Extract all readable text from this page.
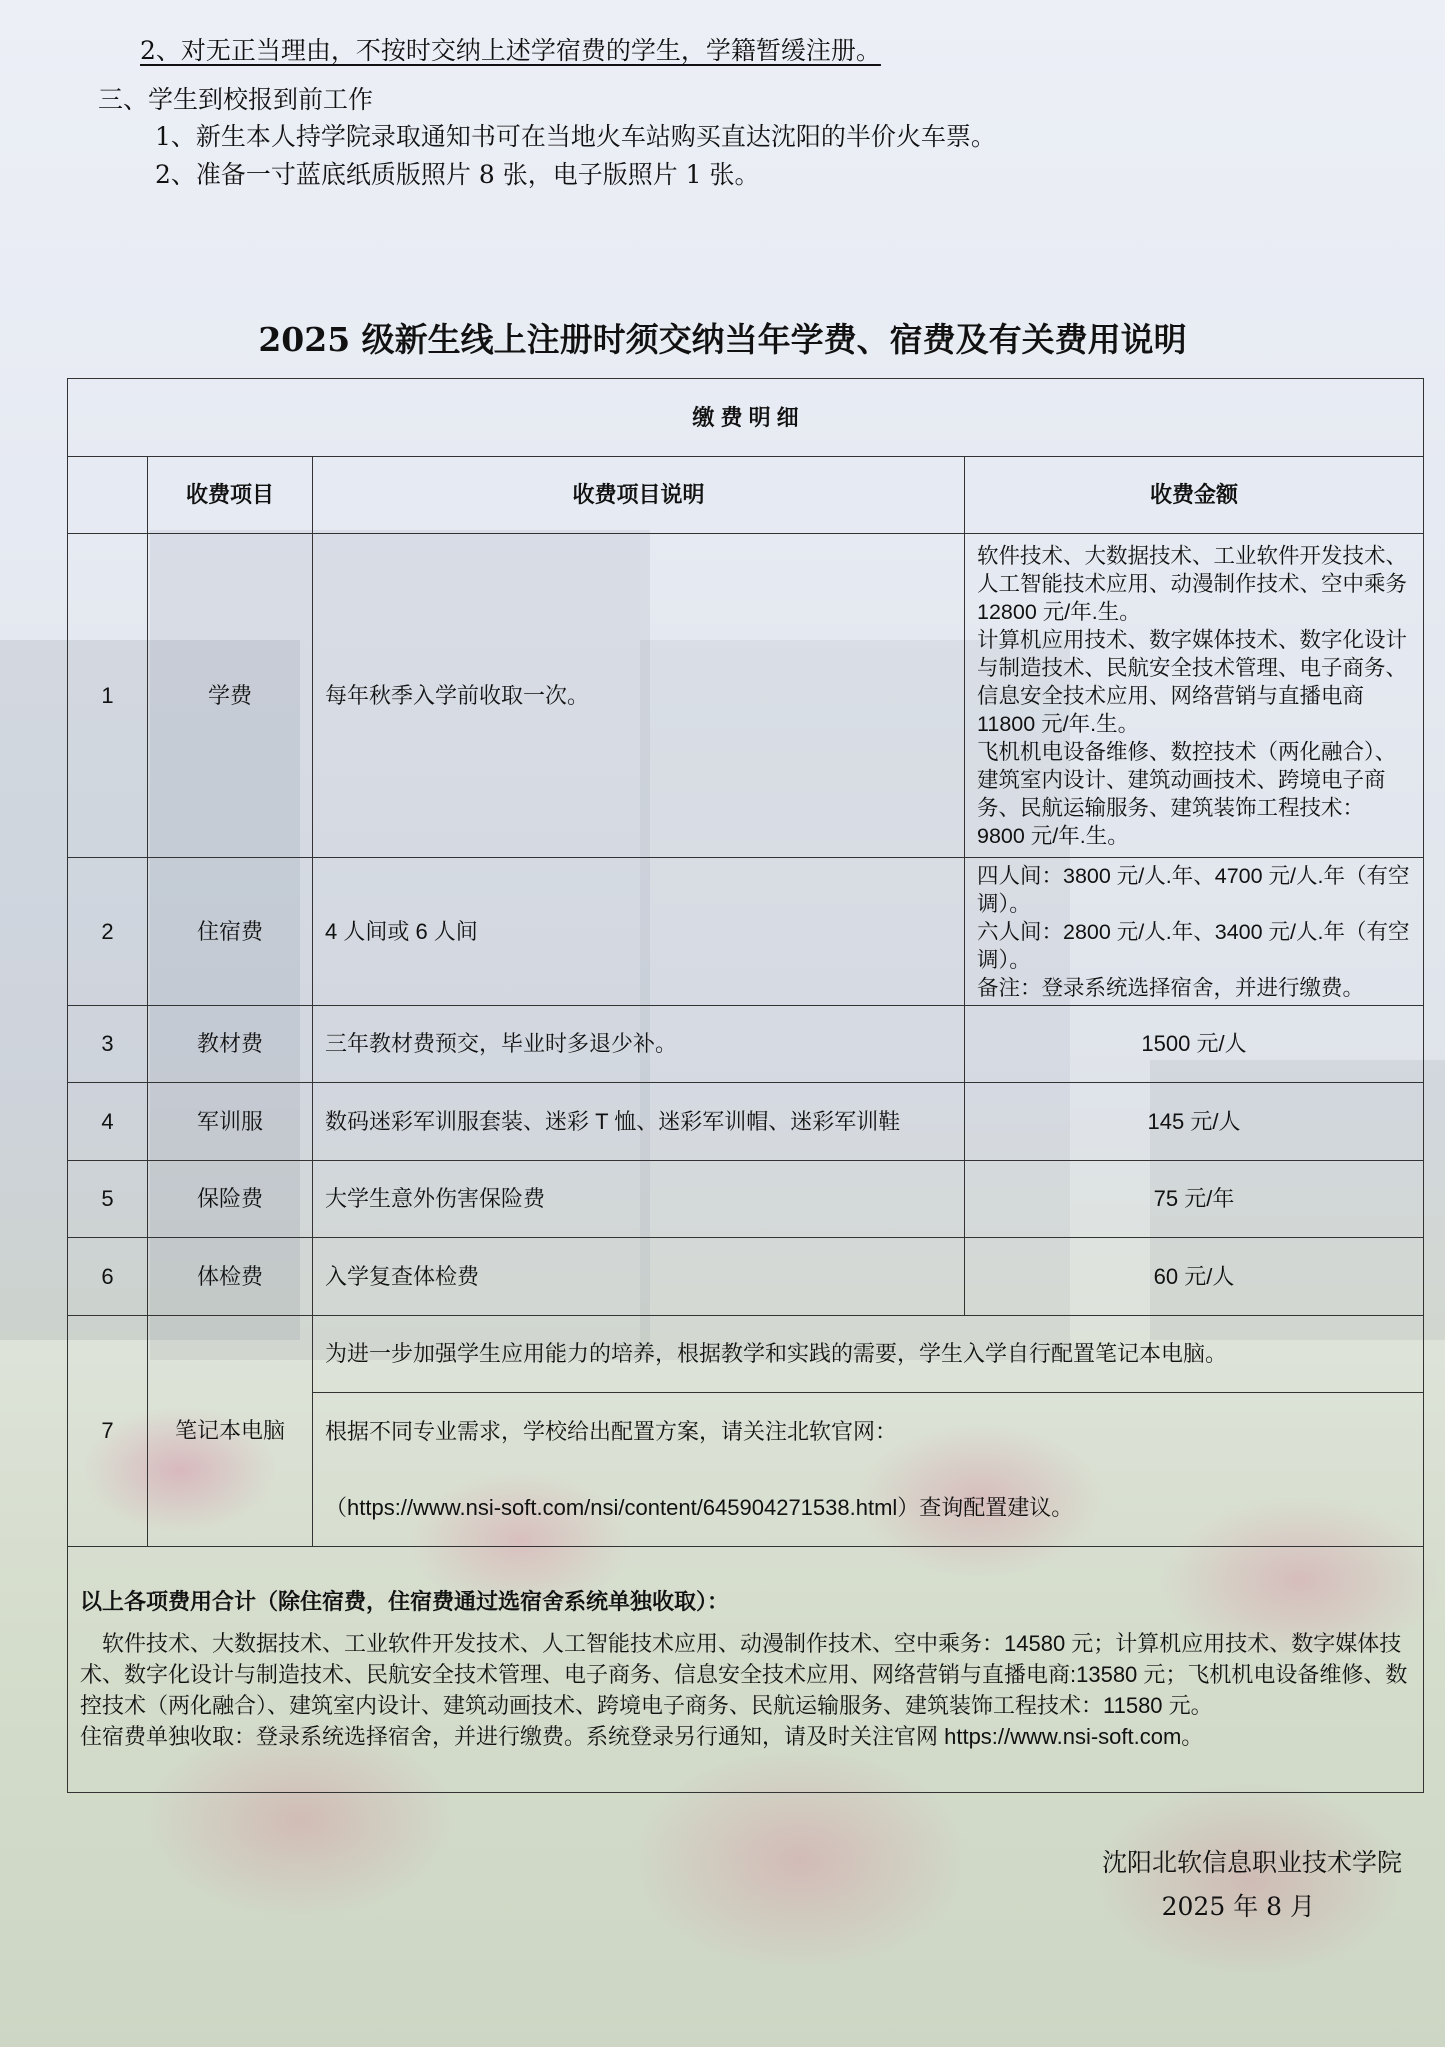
2、对无正当理由，不按时交纳上述学宿费的学生，学籍暂缓注册。
三、学生到校报到前工作
1、新生本人持学院录取通知书可在当地火车站购买直达沈阳的半价火车票。
2、准备一寸蓝底纸质版照片 8 张，电子版照片 1 张。
2025 级新生线上注册时须交纳当年学费、宿费及有关费用说明
缴 费 明 细			
	收费项目	收费项目说明	收费金额
1	学费	每年秋季入学前收取一次。	软件技术、大数据技术、工业软件开发技术、人工智能技术应用、动漫制作技术、空中乘务 12800 元/年.生。
计算机应用技术、数字媒体技术、数字化设计与制造技术、民航安全技术管理、电子商务、信息安全技术应用、网络营销与直播电商 11800 元/年.生。
飞机机电设备维修、数控技术（两化融合）、建筑室内设计、建筑动画技术、跨境电子商务、民航运输服务、建筑装饰工程技术：9800 元/年.生。

2	住宿费	4 人间或 6 人间	四人间：3800 元/人.年、4700 元/人.年（有空调）。
六人间：2800 元/人.年、3400 元/人.年（有空调）。
备注：登录系统选择宿舍，并进行缴费。

3	教材费	三年教材费预交，毕业时多退少补。	1500 元/人
4	军训服	数码迷彩军训服套装、迷彩 T 恤、迷彩军训帽、迷彩军训鞋	145 元/人
5	保险费	大学生意外伤害保险费	75 元/年
6	体检费	入学复查体检费	60 元/人
7	笔记本电脑	为进一步加强学生应用能力的培养，根据教学和实践的需要，学生入学自行配置笔记本电脑。	

		根据不同专业需求，学校给出配置方案，请关注北软官网：
（https://www.nsi-soft.com/nsi/content/645904271538.html）查询配置建议。	

以上各项费用合计（除住宿费，住宿费通过选宿舍系统单独收取）：

软件技术、大数据技术、工业软件开发技术、人工智能技术应用、动漫制作技术、空中乘务：14580 元；计算机应用技术、数字媒体技术、数字化设计与制造技术、民航安全技术管理、电子商务、信息安全技术应用、网络营销与直播电商:13580 元；飞机机电设备维修、数控技术（两化融合）、建筑室内设计、建筑动画技术、跨境电子商务、民航运输服务、建筑装饰工程技术：11580 元。

住宿费单独收取：登录系统选择宿舍，并进行缴费。系统登录另行通知，请及时关注官网 https://www.nsi-soft.com。			

沈阳北软信息职业技术学院
2025 年 8 月
